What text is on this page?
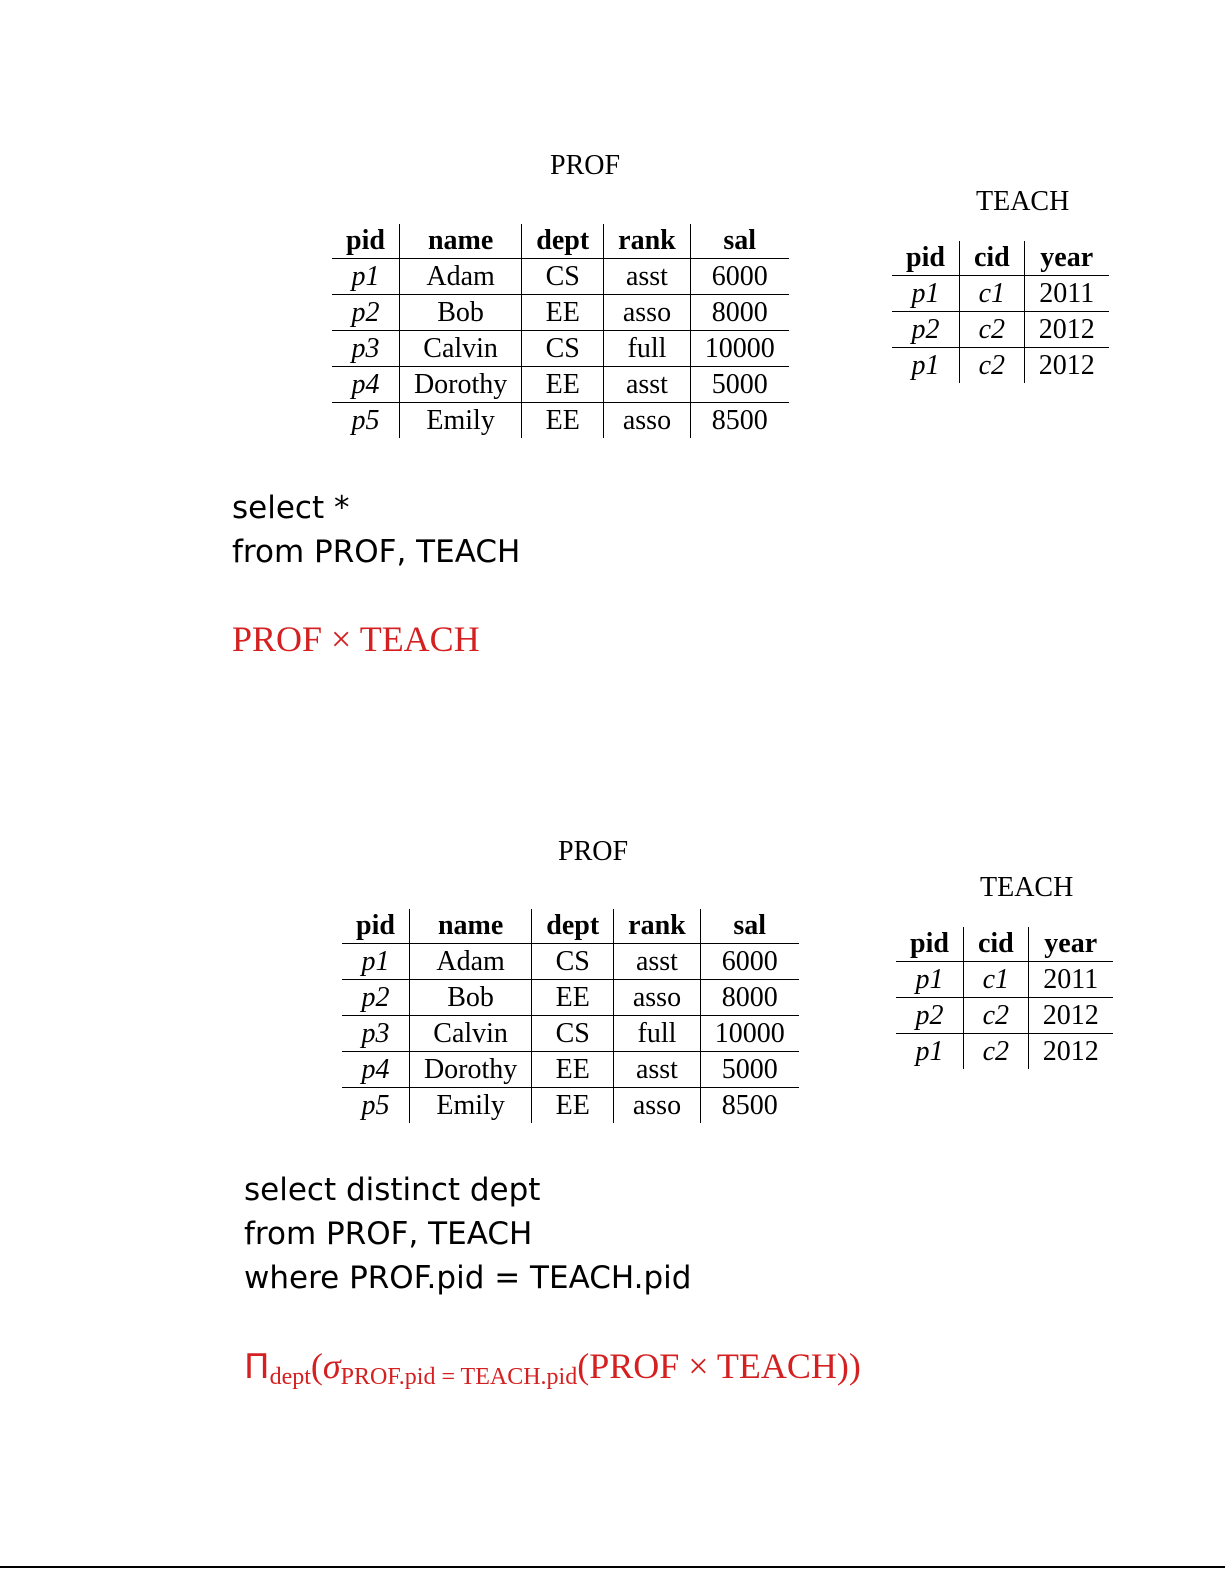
PROF
pid	name	dept	rank	sal
p1	Adam	CS	asst	6000
p2	Bob	EE	asso	8000
p3	Calvin	CS	full	10000
p4	Dorothy	EE	asst	5000
p5	Emily	EE	asso	8500
TEACH
pid	cid	year
p1	c1	2011
p2	c2	2012
p1	c2	2012
select *
from PROF, TEACH
PROF × TEACH
PROF
pid	name	dept	rank	sal
p1	Adam	CS	asst	6000
p2	Bob	EE	asso	8000
p3	Calvin	CS	full	10000
p4	Dorothy	EE	asst	5000
p5	Emily	EE	asso	8500
TEACH
pid	cid	year
p1	c1	2011
p2	c2	2012
p1	c2	2012
select distinct dept
from PROF, TEACH
where PROF.pid = TEACH.pid
Πdept(σPROF.pid = TEACH.pid(PROF × TEACH))
